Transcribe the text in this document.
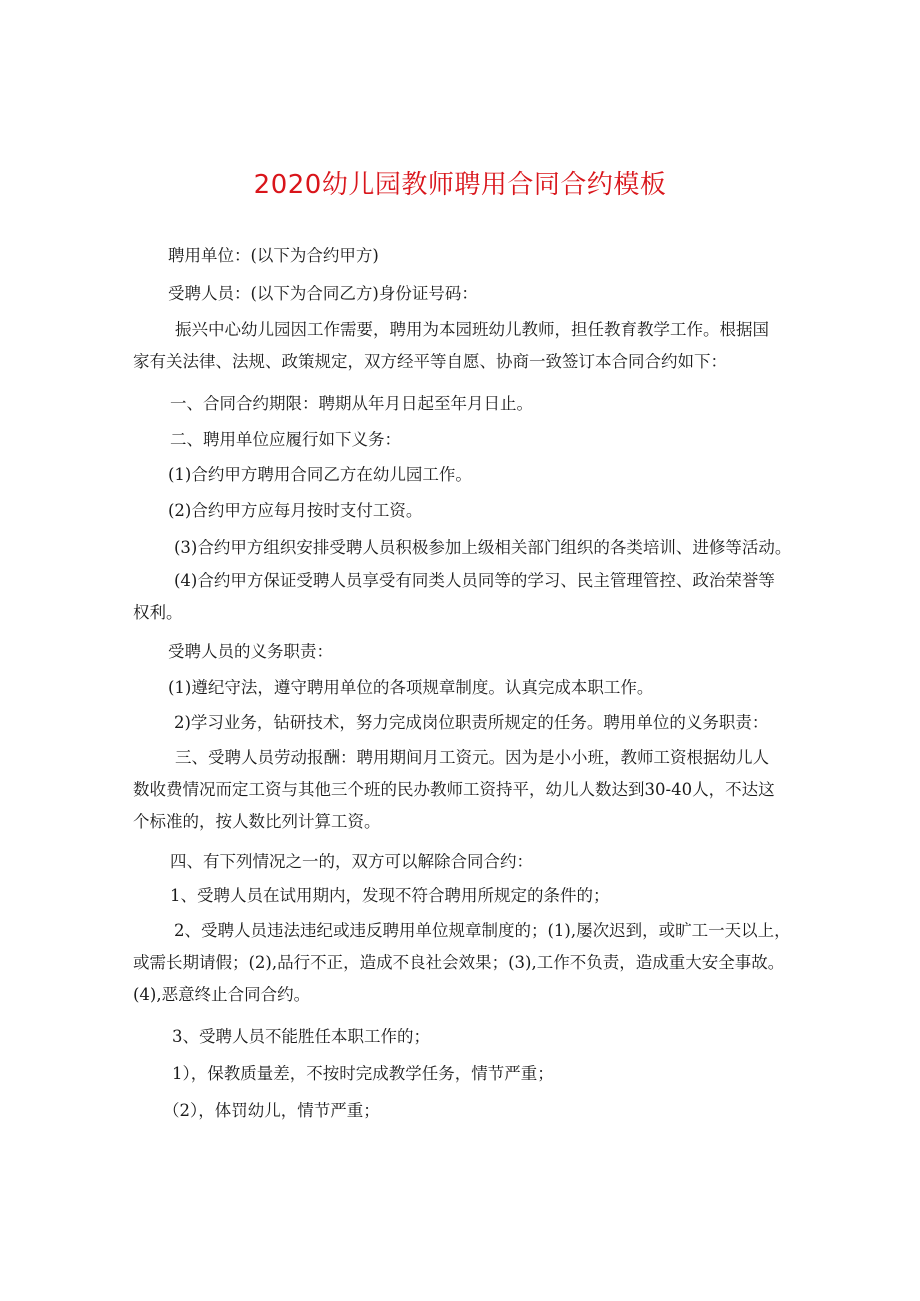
2020幼儿园教师聘用合同合约模板
聘用单位：(以下为合约甲方)
受聘人员：(以下为合同乙方)身份证号码：
振兴中心幼儿园因工作需要，聘用为本园班幼儿教师，担任教育教学工作。根据国
家有关法律、法规、政策规定，双方经平等自愿、协商一致签订本合同合约如下：
一、合同合约期限：聘期从年月日起至年月日止。
二、聘用单位应履行如下义务：
(1)合约甲方聘用合同乙方在幼儿园工作。
(2)合约甲方应每月按时支付工资。
(3)合约甲方组织安排受聘人员积极参加上级相关部门组织的各类培训、进修等活动。
(4)合约甲方保证受聘人员享受有同类人员同等的学习、民主管理管控、政治荣誉等
权利。
受聘人员的义务职责：
(1)遵纪守法，遵守聘用单位的各项规章制度。认真完成本职工作。
2)学习业务，钻研技术，努力完成岗位职责所规定的任务。聘用单位的义务职责：
三、受聘人员劳动报酬：聘用期间月工资元。因为是小小班，教师工资根据幼儿人
数收费情况而定工资与其他三个班的民办教师工资持平，幼儿人数达到30-40人，不达这
个标准的，按人数比列计算工资。
四、有下列情况之一的，双方可以解除合同合约：
1、受聘人员在试用期内，发现不符合聘用所规定的条件的；
2、受聘人员违法违纪或违反聘用单位规章制度的；(1),屡次迟到，或旷工一天以上，
或需长期请假；(2),品行不正，造成不良社会效果；(3),工作不负责，造成重大安全事故。
(4),恶意终止合同合约。
3、受聘人员不能胜任本职工作的；
1），保教质量差，不按时完成教学任务，情节严重；
（2），体罚幼儿，情节严重；
